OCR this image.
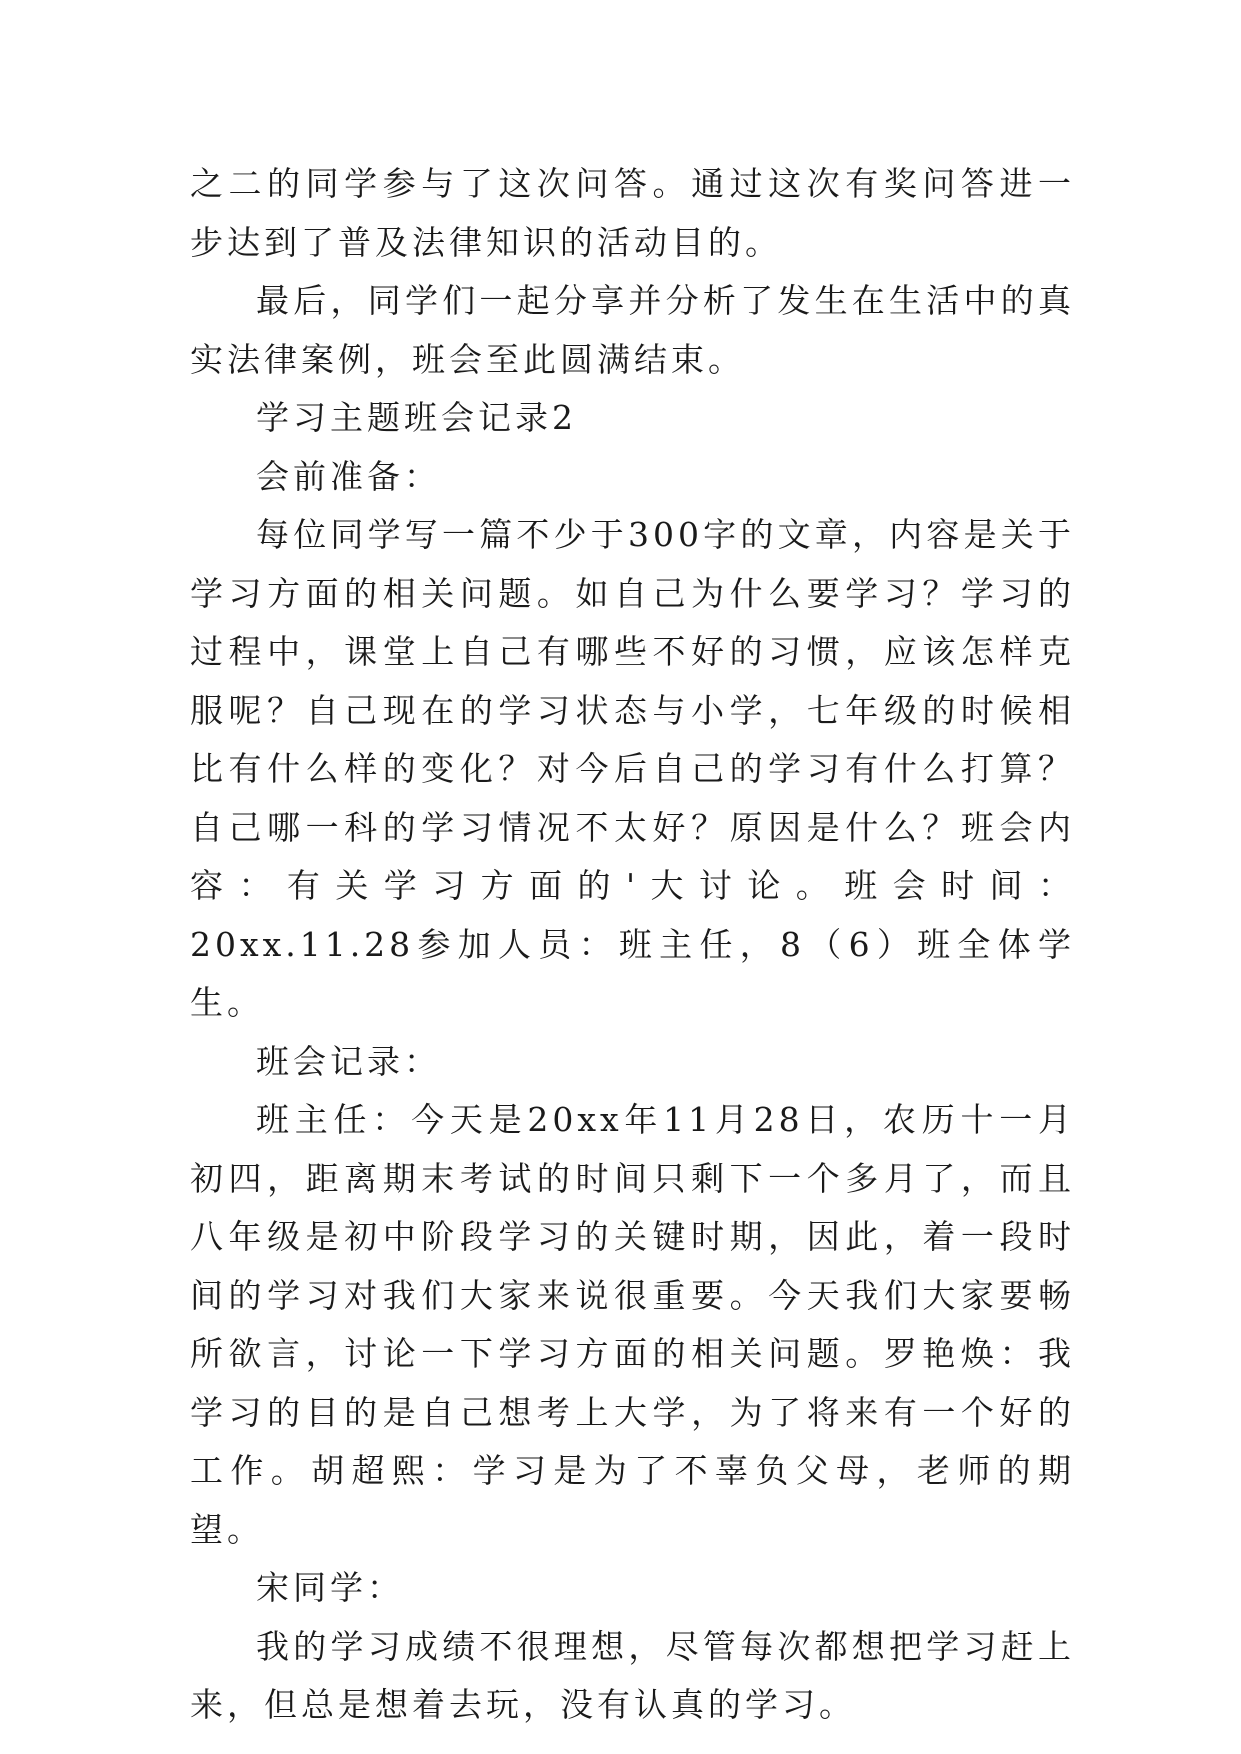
之二的同学参与了这次问答。通过这次有奖问答进一步达到了普及法律知识的活动目的。

最后，同学们一起分享并分析了发生在生活中的真实法律案例，班会至此圆满结束。

学习主题班会记录2

会前准备：

每位同学写一篇不少于300字的文章，内容是关于学习方面的相关问题。如自己为什么要学习？学习的过程中，课堂上自己有哪些不好的习惯，应该怎样克服呢？自己现在的学习状态与小学，七年级的时候相比有什么样的变化？对今后自己的学习有什么打算？自己哪一科的学习情况不太好？原因是什么？班会内容：有关学习方面的'大讨论。班会时间：20xx.11.28参加人员：班主任，8（6）班全体学生。

班会记录：

班主任：今天是20xx年11月28日，农历十一月初四，距离期末考试的时间只剩下一个多月了，而且八年级是初中阶段学习的关键时期，因此，着一段时间的学习对我们大家来说很重要。今天我们大家要畅所欲言，讨论一下学习方面的相关问题。罗艳焕：我学习的目的是自己想考上大学，为了将来有一个好的工作。胡超熙：学习是为了不辜负父母，老师的期望。

宋同学：

我的学习成绩不很理想，尽管每次都想把学习赶上来，但总是想着去玩，没有认真的学习。
